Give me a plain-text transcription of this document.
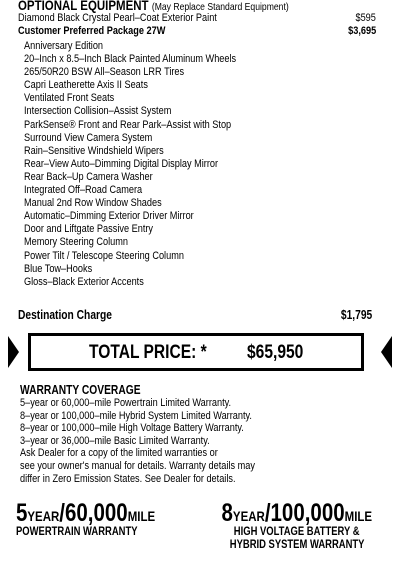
OPTIONAL EQUIPMENT (May Replace Standard Equipment)
Diamond Black Crystal Pearl–Coat Exterior Paint	$595
Customer Preferred Package 27W	$3,695
Anniversary Edition
20–Inch x 8.5–Inch Black Painted Aluminum Wheels
265/50R20 BSW All–Season LRR Tires
Capri Leatherette Axis II Seats
Ventilated Front Seats
Intersection Collision–Assist System
ParkSense® Front and Rear Park–Assist with Stop
Surround View Camera System
Rain–Sensitive Windshield Wipers
Rear–View Auto–Dimming Digital Display Mirror
Rear Back–Up Camera Washer
Integrated Off–Road Camera
Manual 2nd Row Window Shades
Automatic–Dimming Exterior Driver Mirror
Door and Liftgate Passive Entry
Memory Steering Column
Power Tilt / Telescope Steering Column
Blue Tow–Hooks
Gloss–Black Exterior Accents
Destination Charge	$1,795
TOTAL PRICE: * $65,950
WARRANTY COVERAGE
5–year or 60,000–mile Powertrain Limited Warranty.
8–year or 100,000–mile Hybrid System Limited Warranty.
8–year or 100,000–mile High Voltage Battery Warranty.
3–year or 36,000–mile Basic Limited Warranty.
Ask Dealer for a copy of the limited warranties or
see your owner's manual for details. Warranty details may
differ in Zero Emission States. See Dealer for details.
5YEAR/60,000MILE
POWERTRAIN WARRANTY
8YEAR/100,000MILE
HIGH VOLTAGE BATTERY &
HYBRID SYSTEM WARRANTY
